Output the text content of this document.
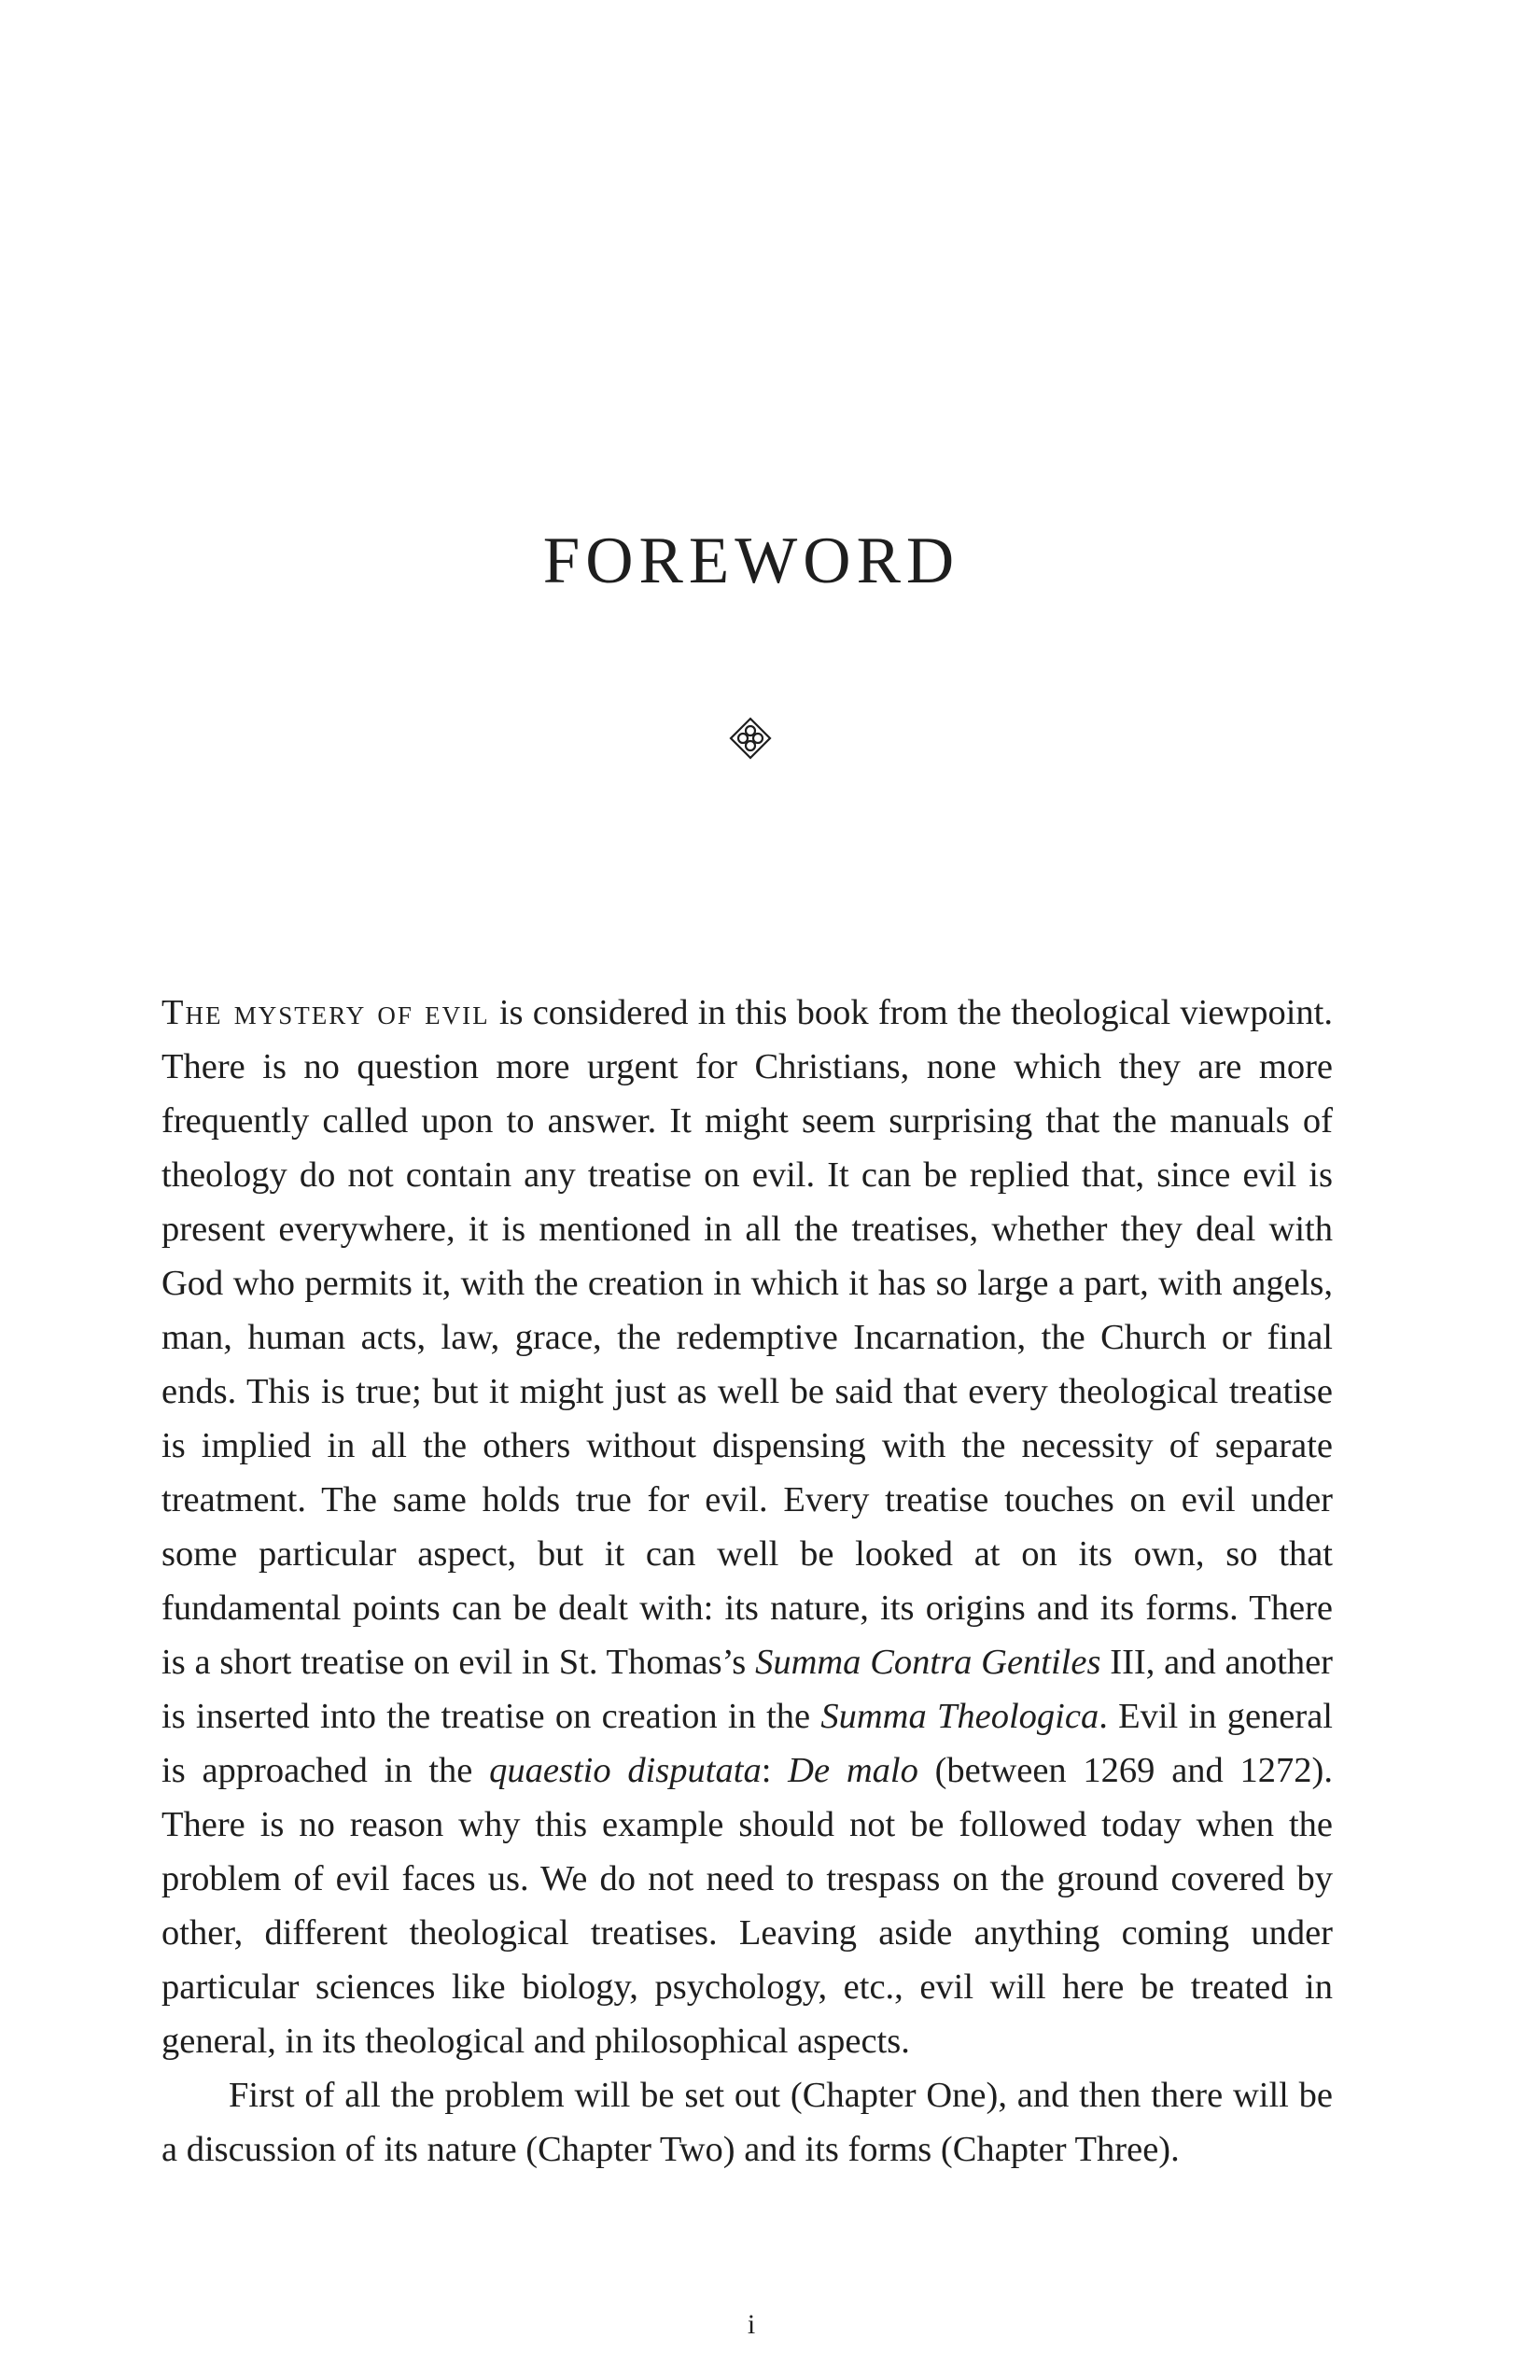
FOREWORD

The mystery of evil is considered in this book from the theological viewpoint. There is no question more urgent for Christians, none which they are more frequently called upon to answer. It might seem surprising that the manuals of theology do not contain any treatise on evil. It can be replied that, since evil is present everywhere, it is mentioned in all the treatises, whether they deal with God who permits it, with the creation in which it has so large a part, with angels, man, human acts, law, grace, the redemptive Incarnation, the Church or final ends. This is true; but it might just as well be said that every theological treatise is implied in all the others without dispensing with the necessity of separate treatment. The same holds true for evil. Every treatise touches on evil under some particular aspect, but it can well be looked at on its own, so that fundamental points can be dealt with: its nature, its origins and its forms. There is a short treatise on evil in St. Thomas’s Summa Contra Gentiles III, and another is inserted into the treatise on creation in the Summa Theologica. Evil in general is approached in the quaestio disputata: De malo (between 1269 and 1272). There is no reason why this example should not be followed today when the problem of evil faces us. We do not need to trespass on the ground covered by other, different theological treatises. Leaving aside anything coming under particular sciences like biology, psychology, etc., evil will here be treated in general, in its theological and philosophical aspects.

First of all the problem will be set out (Chapter One), and then there will be a discussion of its nature (Chapter Two) and its forms (Chapter Three).

i
